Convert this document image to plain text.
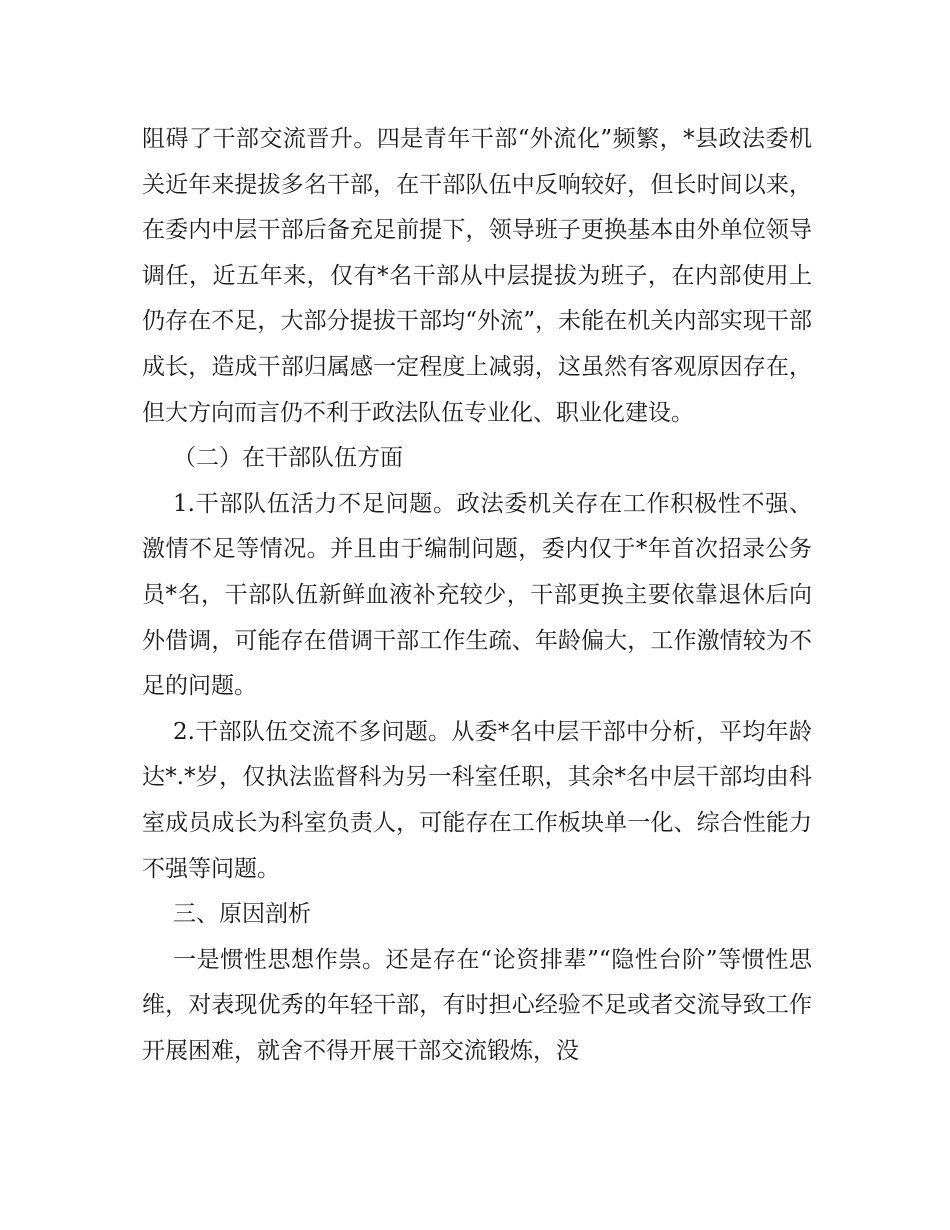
阻碍了干部交流晋升。四是青年干部“外流化”频繁，*县政法委机关近年来提拔多名干部，在干部队伍中反响较好，但长时间以来，在委内中层干部后备充足前提下，领导班子更换基本由外单位领导调任，近五年来，仅有*名干部从中层提拔为班子，在内部使用上仍存在不足，大部分提拔干部均“外流”，未能在机关内部实现干部成长，造成干部归属感一定程度上减弱，这虽然有客观原因存在，但大方向而言仍不利于政法队伍专业化、职业化建设。

（二）在干部队伍方面

1.干部队伍活力不足问题。政法委机关存在工作积极性不强、激情不足等情况。并且由于编制问题，委内仅于*年首次招录公务员*名，干部队伍新鲜血液补充较少，干部更换主要依靠退休后向外借调，可能存在借调干部工作生疏、年龄偏大，工作激情较为不足的问题。

2.干部队伍交流不多问题。从委*名中层干部中分析，平均年龄达*.*岁，仅执法监督科为另一科室任职，其余*名中层干部均由科室成员成长为科室负责人，可能存在工作板块单一化、综合性能力不强等问题。

三、原因剖析

一是惯性思想作祟。还是存在“论资排辈”“隐性台阶”等惯性思维，对表现优秀的年轻干部，有时担心经验不足或者交流导致工作开展困难，就舍不得开展干部交流锻炼，没
